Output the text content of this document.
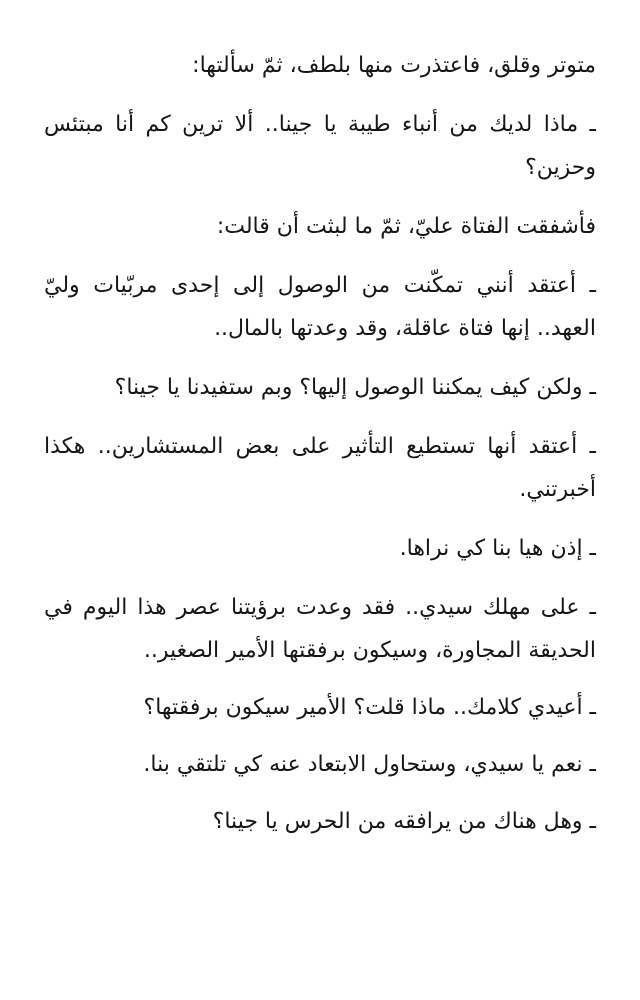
متوتر وقلق، فاعتذرت منها بلطف، ثمّ سألتها:

ـ ماذا لديك من أنباء طيبة يا جينا.. ألا ترين كم أنا مبتئس وحزين؟

فأشفقت الفتاة عليّ، ثمّ ما لبثت أن قالت:

ـ أعتقد أنني تمكّنت من الوصول إلى إحدى مربّيات وليّ العهد.. إنها فتاة عاقلة، وقد وعدتها بالمال..

ـ ولكن كيف يمكننا الوصول إليها؟ وبم ستفيدنا يا جينا؟

ـ أعتقد أنها تستطيع التأثير على بعض المستشارين.. هكذا أخبرتني.

ـ إذن هيا بنا كي نراها.

ـ على مهلك سيدي.. فقد وعدت برؤيتنا عصر هذا اليوم في الحديقة المجاورة، وسيكون برفقتها الأمير الصغير..

ـ أعيدي كلامك.. ماذا قلت؟ الأمير سيكون برفقتها؟

ـ نعم يا سيدي، وستحاول الابتعاد عنه كي تلتقي بنا.

ـ وهل هناك من يرافقه من الحرس يا جينا؟
